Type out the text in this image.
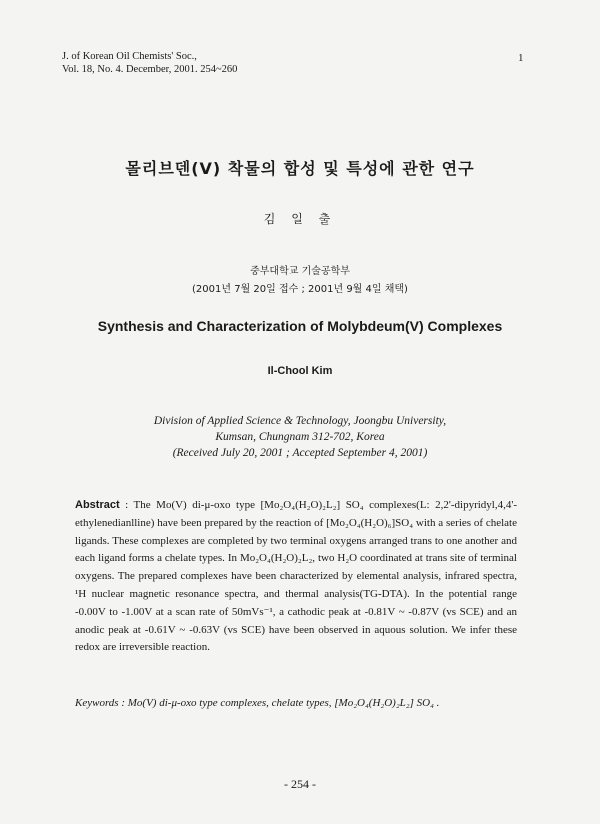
J. of Korean Oil Chemists' Soc.,
Vol. 18, No. 4. December, 2001. 254~260
1
몰리브덴(V) 착물의 합성 및 특성에 관한 연구
김 일 출
중부대학교 기술공학부
(2001년 7월 20일 접수 ; 2001년 9월 4일 채택)
Synthesis and Characterization of Molybdeum(V) Complexes
Il-Chool Kim
Division of Applied Science & Technology, Joongbu University,
Kumsan, Chungnam 312-702, Korea
(Received July 20, 2001 ; Accepted September 4, 2001)
Abstract : The Mo(V) di-μ-oxo type [Mo₂O₄(H₂O)₂L₂] SO₄ complexes(L: 2,2'-dipyridyl,4,4'-ethylenedianlline) have been prepared by the reaction of [Mo₂O₄(H₂O)₆]SO₄ with a series of chelate ligands. These complexes are completed by two terminal oxygens arranged trans to one another and each ligand forms a chelate types. In Mo₂O₄(H₂O)₂L₂, two H₂O coordinated at trans site of terminal oxygens. The prepared complexes have been characterized by elemental analysis, infrared spectra, ¹H nuclear magnetic resonance spectra, and thermal analysis(TG-DTA). In the potential range -0.00V to -1.00V at a scan rate of 50mVs⁻¹, a cathodic peak at -0.81V ~ -0.87V (vs SCE) and an anodic peak at -0.61V ~ -0.63V (vs SCE) have been observed in aquous solution. We infer these redox are irreversible reaction.
Keywords : Mo(V) di-μ-oxo type complexes, chelate types, [Mo₂O₄(H₂O)₂L₂] SO₄ .
- 254 -
